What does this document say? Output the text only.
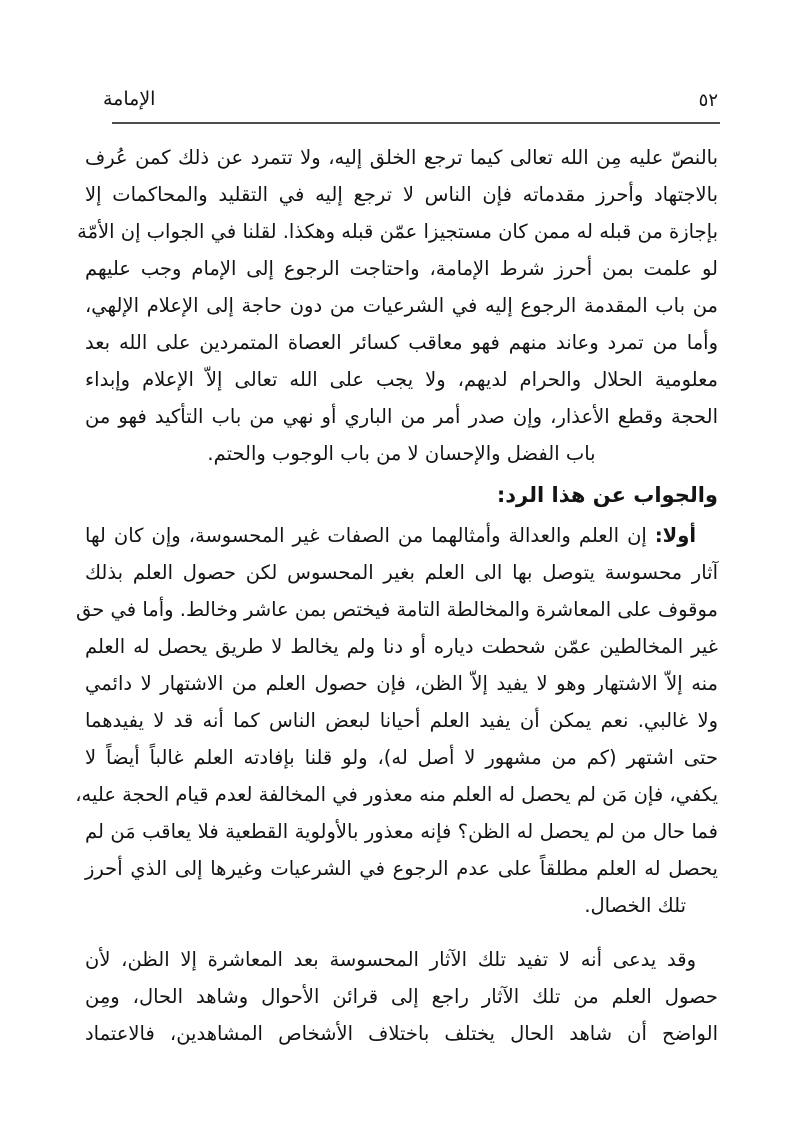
الإمامة	٥٢
بالنصّ عليه مِن الله تعالى كيما ترجع الخلق إليه، ولا تتمرد عن ذلك كمن عُرف
بالاجتهاد وأحرز مقدماته فإن الناس لا ترجع إليه في التقليد والمحاكمات إلا
بإجازة من قبله له ممن كان مستجيزا عمّن قبله وهكذا. لقلنا في الجواب إن الأمّة
لو علمت بمن أحرز شرط الإمامة، واحتاجت الرجوع إلى الإمام وجب عليهم
من باب المقدمة الرجوع إليه في الشرعيات من دون حاجة إلى الإعلام الإلهي،
وأما من تمرد وعاند منهم فهو معاقب كسائر العصاة المتمردين على الله بعد
معلومية الحلال والحرام لديهم، ولا يجب على الله تعالى إلاّ الإعلام وإبداء
الحجة وقطع الأعذار، وإن صدر أمر من الباري أو نهي من باب التأكيد فهو من
باب الفضل والإحسان لا من باب الوجوب والحتم.
والجواب عن هذا الرد:
أولا: إن العلم والعدالة وأمثالهما من الصفات غير المحسوسة، وإن كان لها
آثار محسوسة يتوصل بها الى العلم بغير المحسوس لكن حصول العلم بذلك
موقوف على المعاشرة والمخالطة التامة فيختص بمن عاشر وخالط. وأما في حق
غير المخالطين عمّن شحطت دياره أو دنا ولم يخالط لا طريق يحصل له العلم
منه إلاّ الاشتهار وهو لا يفيد إلاّ الظن، فإن حصول العلم من الاشتهار لا دائمي
ولا غالبي. نعم يمكن أن يفيد العلم أحيانا لبعض الناس كما أنه قد لا يفيدهما
حتى اشتهر (كم من مشهور لا أصل له)، ولو قلنا بإفادته العلم غالباً أيضاً لا
يكفي، فإن مَن لم يحصل له العلم منه معذور في المخالفة لعدم قيام الحجة عليه،
فما حال من لم يحصل له الظن؟ فإنه معذور بالأولوية القطعية فلا يعاقب مَن لم
يحصل له العلم مطلقاً على عدم الرجوع في الشرعيات وغيرها إلى الذي أحرز
تلك الخصال.
وقد يدعى أنه لا تفيد تلك الآثار المحسوسة بعد المعاشرة إلا الظن، لأن
حصول العلم من تلك الآثار راجع إلى قرائن الأحوال وشاهد الحال، ومِن
الواضح أن شاهد الحال يختلف باختلاف الأشخاص المشاهدين، فالاعتماد
